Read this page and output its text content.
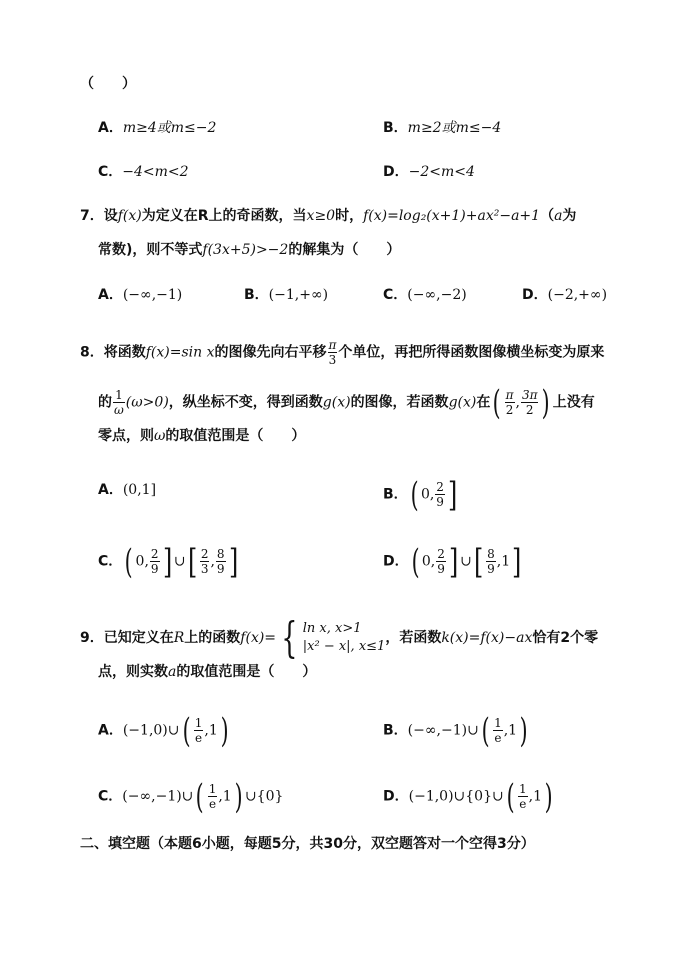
（　　）
A．m≥4或m≤−2	B．m≥2或m≤−4
C．−4<m<2	D．−2<m<4
7．设f(x)为定义在R上的奇函数，当x≥0时，f(x)=log₂(x+1)+ax²−a+1（a为
常数)，则不等式f(3x+5)>−2的解集为（　　）
A．(−∞,−1)	B．(−1,+∞)	C．(−∞,−2)	D．(−2,+∞)
8．将函数f(x)=sin x的图像先向右平移 $\frac{\pi}{3}$ 个单位，再把所得函数图像横坐标变为原来
的 $\frac{1}{\omega} (\omega>0)$，纵坐标不变，得到函数g(x)的图像，若函数g(x)在( $\frac{\pi}{2}$ , $\frac{3\pi}{2}$ ) 上没有
零点，则ω的取值范围是（　　）
A．(0,1]	B．( 0, $\frac{2}{9}$ ]
C．( 0, $\frac{2}{9}$ ] ∪[ $\frac{2}{3}$ , $\frac{8}{9}$ ]	D．( 0, $\frac{2}{9}$ ] ∪[ $\frac{8}{9} ,1$]
9．已知定义在R上的函数f(x)= { ln x, x>1
|x² − x|, x≤1
，若函数k(x)=f(x)−ax恰有2个零
点，则实数a的取值范围是（　　）
A．(−1,0)∪( $\frac{1}{e} ,1$)	B．(−∞,−1)∪( $\frac{1}{e} ,1$)
C．(−∞,−1)∪( $\frac{1}{e} ,1$) ∪{0}	D．(−1,0)∪{0}∪( $\frac{1}{e} ,1$)
二、填空题（本题6小题，每题5分，共30分，双空题答对一个空得3分）
